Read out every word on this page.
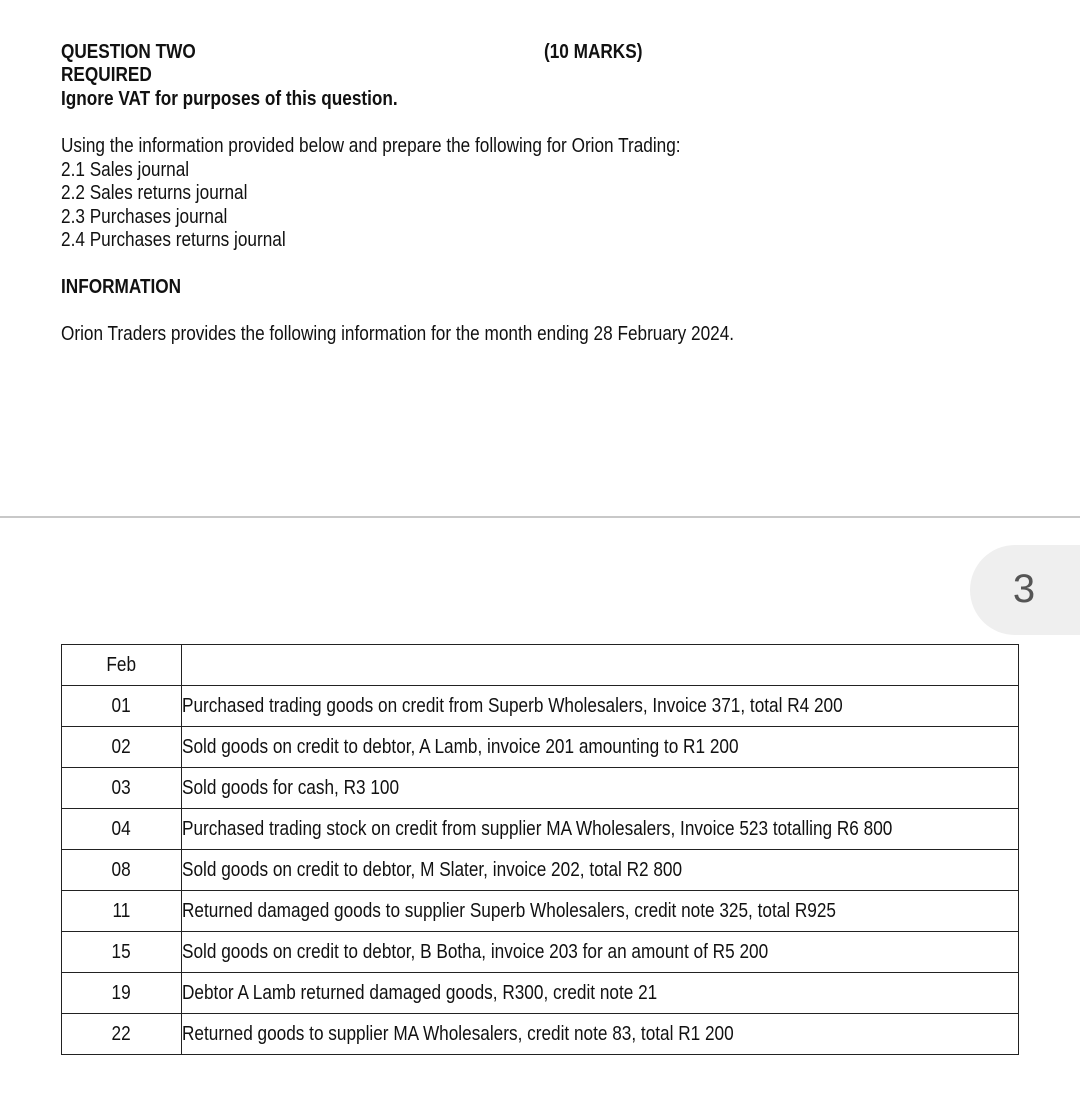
QUESTION TWO	(10 MARKS)
REQUIRED
Ignore VAT for purposes of this question.
Using the information provided below and prepare the following for Orion Trading:
2.1 Sales journal
2.2 Sales returns journal
2.3 Purchases journal
2.4 Purchases returns journal
INFORMATION
Orion Traders provides the following information for the month ending 28 February 2024.
3
Feb	
01	Purchased trading goods on credit from Superb Wholesalers, Invoice 371, total R4 200
02	Sold goods on credit to debtor, A Lamb, invoice 201 amounting to R1 200
03	Sold goods for cash, R3 100
04	Purchased trading stock on credit from supplier MA Wholesalers, Invoice 523 totalling R6 800
08	Sold goods on credit to debtor, M Slater, invoice 202, total R2 800
11	Returned damaged goods to supplier Superb Wholesalers, credit note 325, total R925
15	Sold goods on credit to debtor, B Botha, invoice 203 for an amount of R5 200
19	Debtor A Lamb returned damaged goods, R300, credit note 21
22	Returned goods to supplier MA Wholesalers, credit note 83, total R1 200
